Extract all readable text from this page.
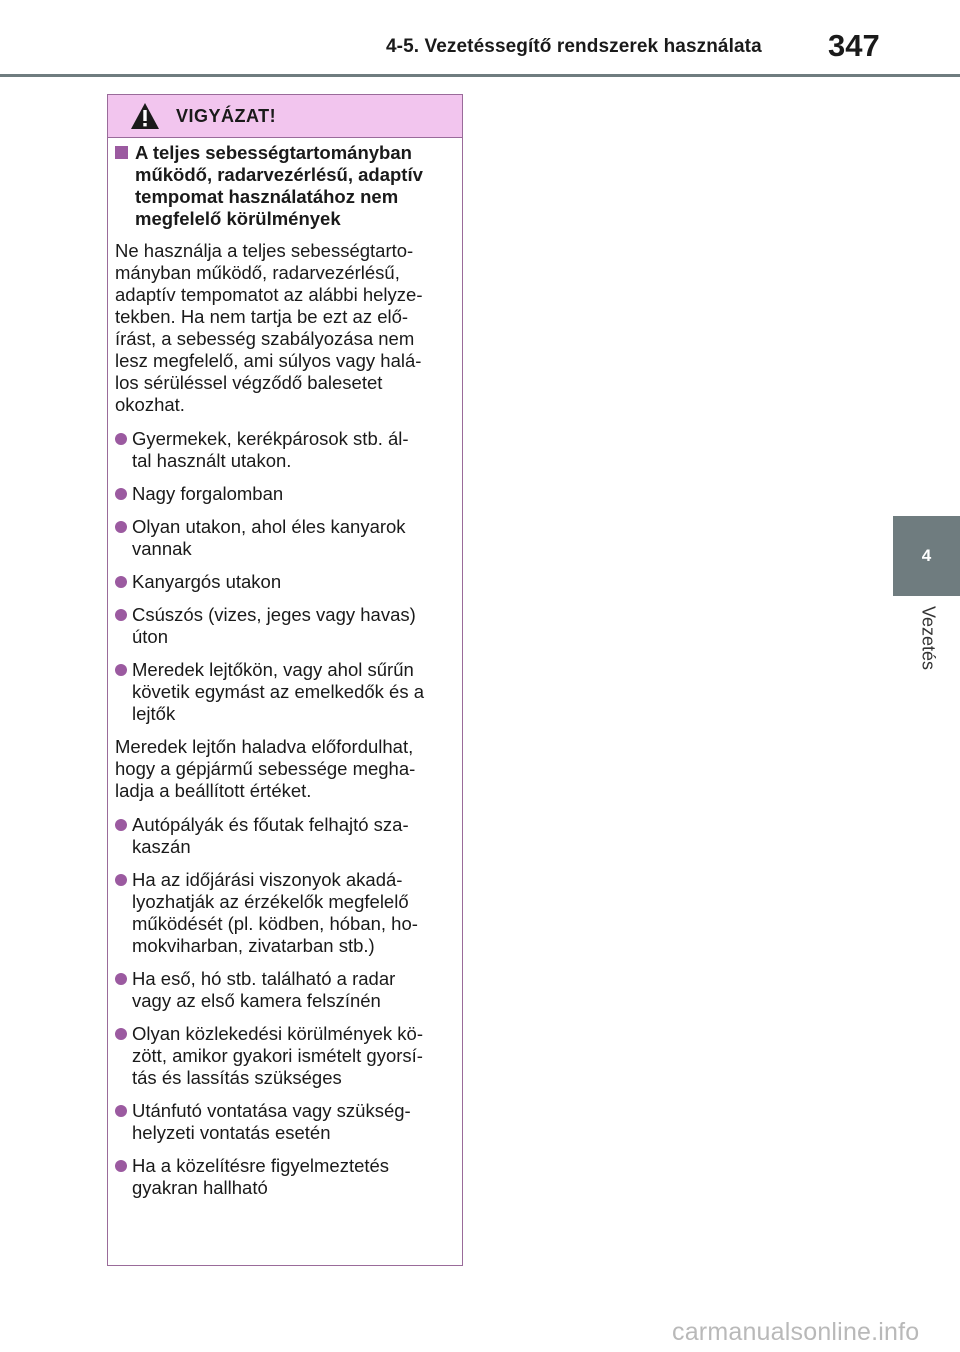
4-5. Vezetéssegítő rendszerek használata 347
4
Vezetés
VIGYÁZAT!
A teljes sebességtartományban
működő, radarvezérlésű, adaptív
tempomat használatához nem
megfelelő körülmények

Ne használja a teljes sebességtarto-
mányban működő, radarvezérlésű,
adaptív tempomatot az alábbi helyze-
tekben. Ha nem tartja be ezt az elő-
írást, a sebesség szabályozása nem
lesz megfelelő, ami súlyos vagy halá-
los sérüléssel végződő balesetet
okozhat.

Gyermekek, kerékpárosok stb. ál-
tal használt utakon.
Nagy forgalomban
Olyan utakon, ahol éles kanyarok
vannak
Kanyargós utakon
Csúszós (vizes, jeges vagy havas)
úton
Meredek lejtőkön, vagy ahol sűrűn
követik egymást az emelkedők és a
lejtők

Meredek lejtőn haladva előfordulhat,
hogy a gépjármű sebessége megha-
ladja a beállított értéket.

Autópályák és főutak felhajtó sza-
kaszán
Ha az időjárási viszonyok akadá-
lyozhatják az érzékelők megfelelő
működését (pl. ködben, hóban, ho-
mokviharban, zivatarban stb.)
Ha eső, hó stb. található a radar
vagy az első kamera felszínén
Olyan közlekedési körülmények kö-
zött, amikor gyakori ismételt gyorsí-
tás és lassítás szükséges
Utánfutó vontatása vagy szükség-
helyzeti vontatás esetén
Ha a közelítésre figyelmeztetés
gyakran hallható
carmanualsonline.info
